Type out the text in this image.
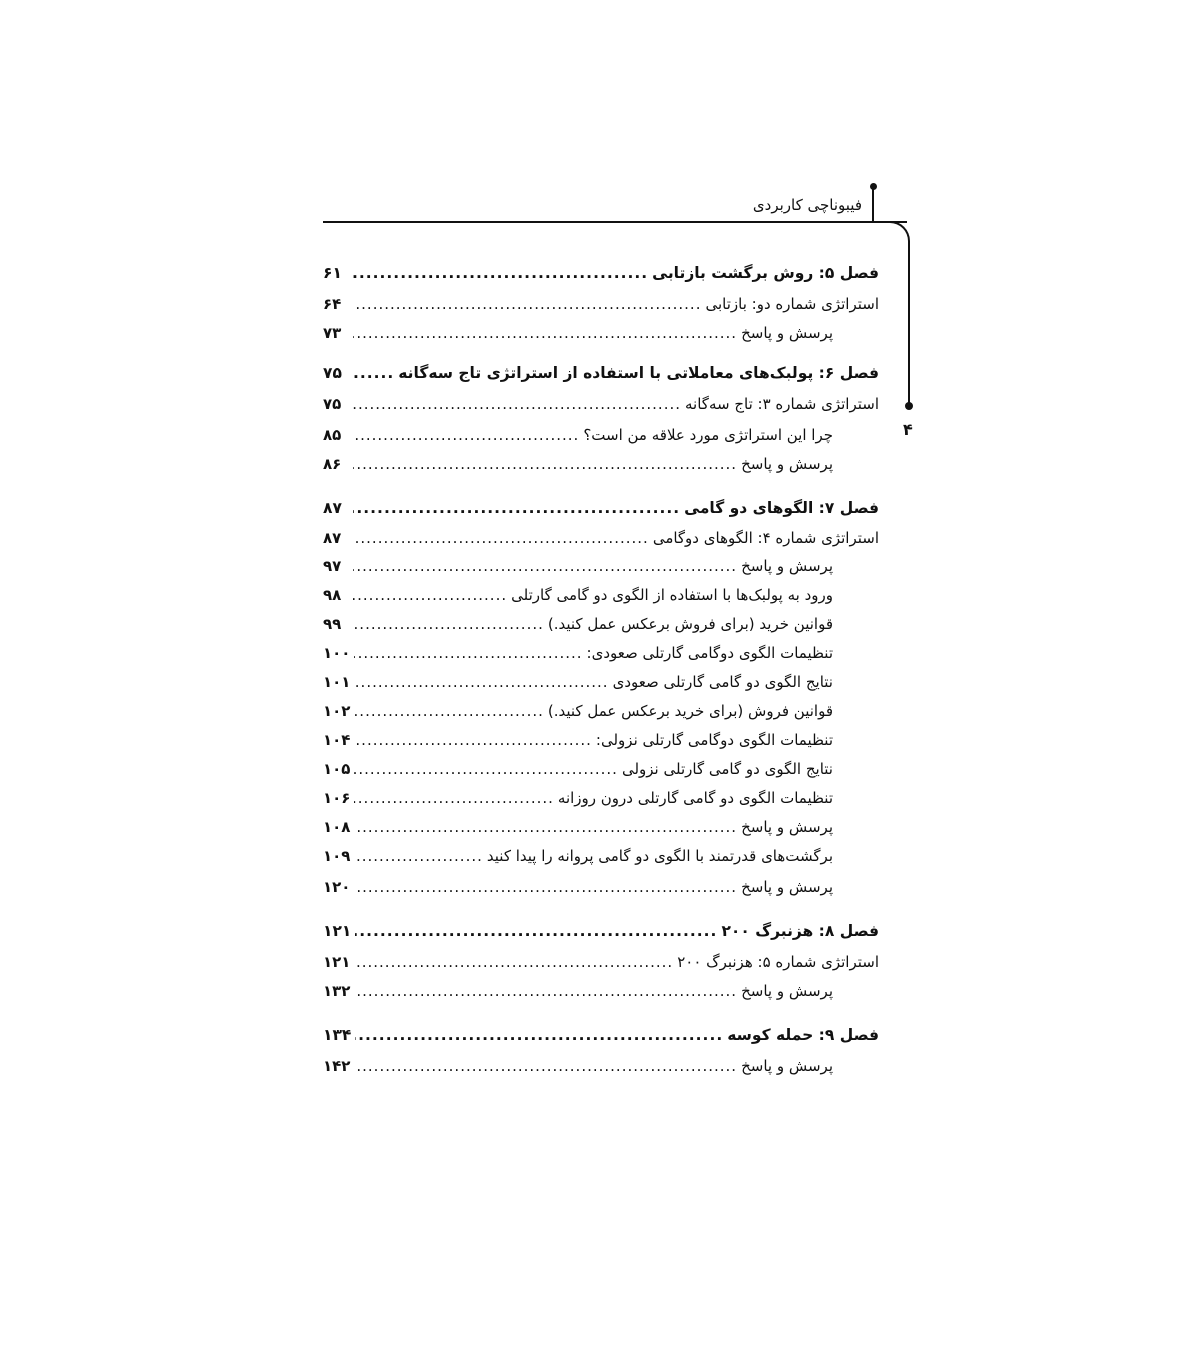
فیبوناچی کاربردی
۴
فصل ۵: روش برگشت بازتابی
.....
۶۱
استراتژی شماره دو: بازتابی
.....
۶۴
پرسش و پاسخ
.....
۷۳
فصل ۶: پولبک‌های معاملاتی با استفاده از استراتژی تاج سه‌گانه
.....
۷۵
استراتژی شماره ۳: تاج سه‌گانه
.....
۷۵
چرا این استراتژی مورد علاقه من است؟
.....
۸۵
پرسش و پاسخ
.....
۸۶
فصل ۷: الگوهای دو گامی
.....
۸۷
استراتژی شماره ۴: الگوهای دوگامی
.....
۸۷
پرسش و پاسخ
.....
۹۷
ورود به پولبک‌ها با استفاده از الگوی دو گامی گارتلی
.....
۹۸
قوانین خرید (برای فروش برعکس عمل کنید.)
.....
۹۹
تنظیمات الگوی دوگامی گارتلی صعودی:
.....
۱۰۰
نتایج الگوی دو گامی گارتلی صعودی
.....
۱۰۱
قوانین فروش (برای خرید برعکس عمل کنید.)
.....
۱۰۲
تنظیمات الگوی دوگامی گارتلی نزولی:
.....
۱۰۴
نتایج الگوی دو گامی گارتلی نزولی
.....
۱۰۵
تنظیمات الگوی دو گامی گارتلی درون روزانه
.....
۱۰۶
پرسش و پاسخ
.....
۱۰۸
برگشت‌های قدرتمند با الگوی دو گامی پروانه را پیدا کنید
.....
۱۰۹
پرسش و پاسخ
.....
۱۲۰
فصل ۸: هزنبرگ ۲۰۰
.....
۱۲۱
استراتژی شماره ۵: هزنبرگ ۲۰۰
.....
۱۲۱
پرسش و پاسخ
.....
۱۳۲
فصل ۹: حمله کوسه
.....
۱۳۴
پرسش و پاسخ
.....
۱۴۲
